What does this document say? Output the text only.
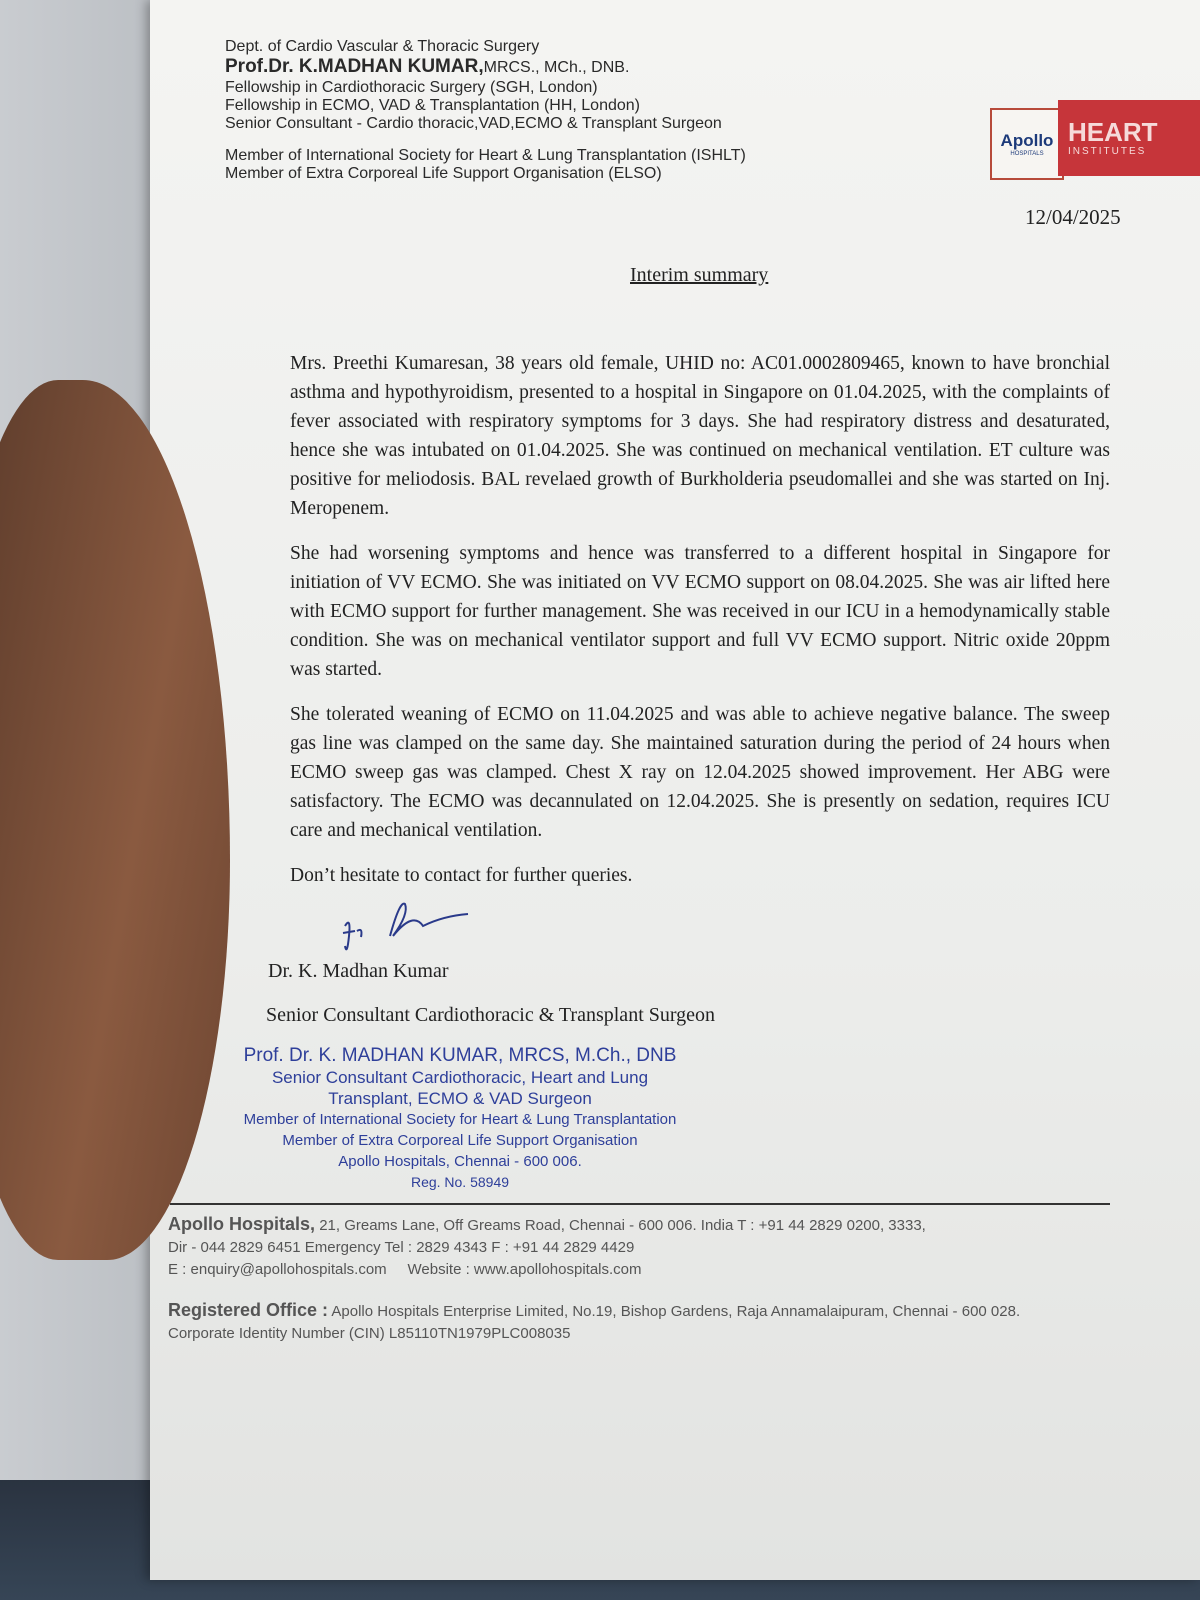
Apollo
HOSPITALS
HEART
INSTITUTES
12/04/2025
Dept. of Cardio Vascular & Thoracic Surgery
Prof.Dr. K.MADHAN KUMAR,MRCS., MCh., DNB.
Fellowship in Cardiothoracic Surgery (SGH, London)
Fellowship in ECMO, VAD & Transplantation (HH, London)
Senior Consultant - Cardio thoracic,VAD,ECMO & Transplant Surgeon
Member of International Society for Heart & Lung Transplantation (ISHLT)
Member of Extra Corporeal Life Support Organisation (ELSO)
Interim summary
Mrs. Preethi Kumaresan, 38 years old female, UHID no: AC01.0002809465, known to have bronchial asthma and hypothyroidism, presented to a hospital in Singapore on 01.04.2025, with the complaints of fever associated with respiratory symptoms for 3 days. She had respiratory distress and desaturated, hence she was intubated on 01.04.2025. She was continued on mechanical ventilation. ET culture was positive for meliodosis. BAL revelaed growth of Burkholderia pseudomallei and she was started on Inj. Meropenem.
She had worsening symptoms and hence was transferred to a different hospital in Singapore for initiation of VV ECMO. She was initiated on VV ECMO support on 08.04.2025. She was air lifted here with ECMO support for further management. She was received in our ICU in a hemodynamically stable condition. She was on mechanical ventilator support and full VV ECMO support. Nitric oxide 20ppm was started.
She tolerated weaning of ECMO on 11.04.2025 and was able to achieve negative balance. The sweep gas line was clamped on the same day. She maintained saturation during the period of 24 hours when ECMO sweep gas was clamped. Chest X ray on 12.04.2025 showed improvement. Her ABG were satisfactory. The ECMO was decannulated on 12.04.2025. She is presently on sedation, requires ICU care and mechanical ventilation.
Don’t hesitate to contact for further queries.
Dr. K. Madhan Kumar
Senior Consultant Cardiothoracic & Transplant Surgeon
Prof. Dr. K. MADHAN KUMAR, MRCS, M.Ch., DNB
Senior Consultant Cardiothoracic, Heart and Lung
Transplant, ECMO & VAD Surgeon
Member of International Society for Heart & Lung Transplantation
Member of Extra Corporeal Life Support Organisation
Apollo Hospitals, Chennai - 600 006.
Reg. No. 58949
Apollo Hospitals, 21, Greams Lane, Off Greams Road, Chennai - 600 006. India T : +91 44 2829 0200, 3333,
Dir - 044 2829 6451 Emergency Tel : 2829 4343 F : +91 44 2829 4429
E : enquiry@apollohospitals.com Website : www.apollohospitals.com
Registered Office : Apollo Hospitals Enterprise Limited, No.19, Bishop Gardens, Raja Annamalaipuram, Chennai - 600 028.
Corporate Identity Number (CIN) L85110TN1979PLC008035
